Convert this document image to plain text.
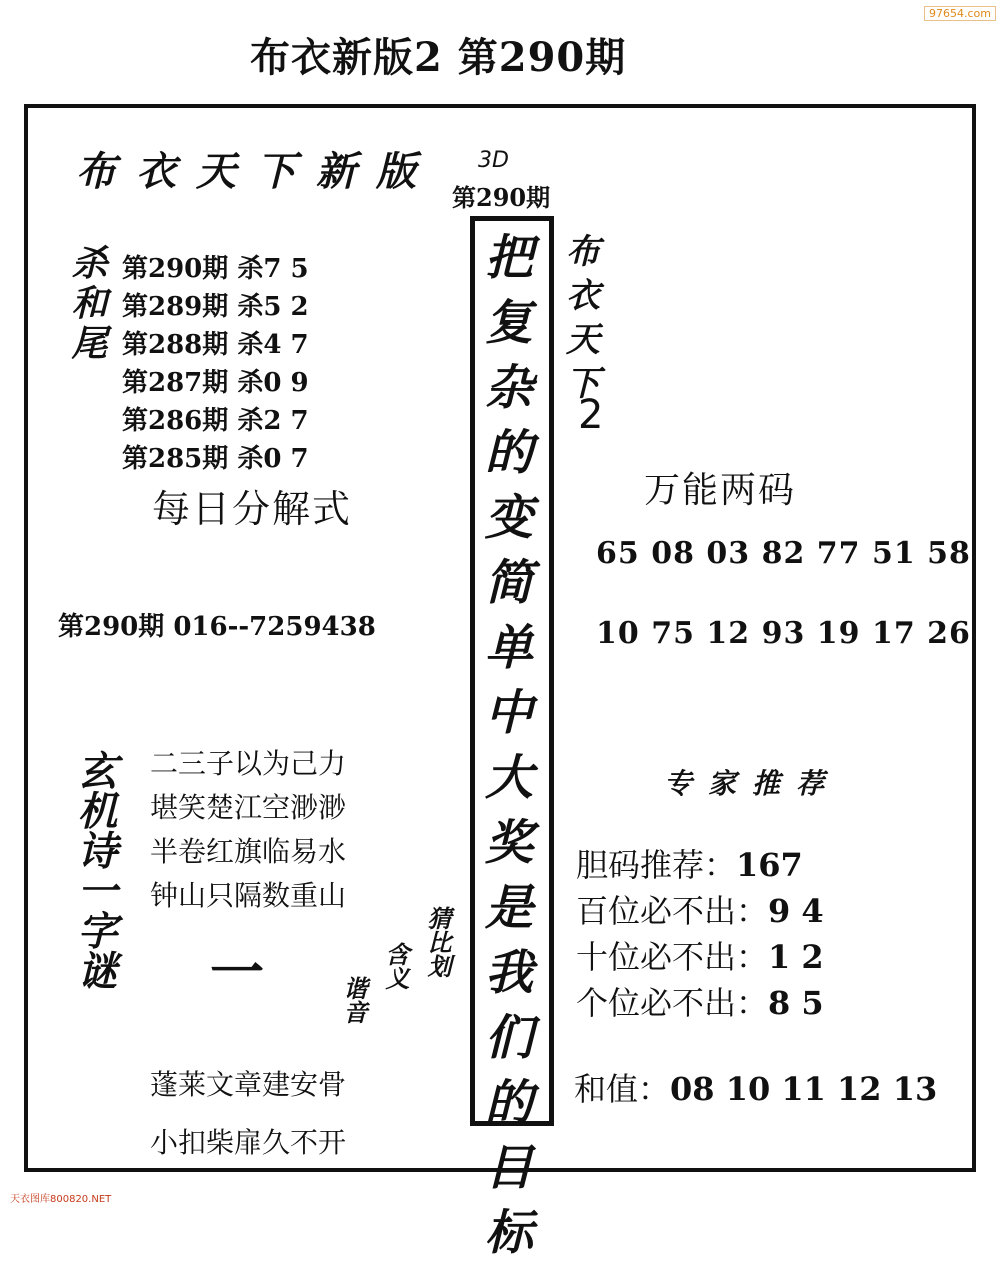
97654.com
布衣新版2 第290期
布衣天下新版 3D
第290期
杀和尾 第290期 杀7 5
第289期 杀5 2
第288期 杀4 7
第287期 杀0 9
第286期 杀2 7
第285期 杀0 7
每日分解式
第290期 016--7259438
把复杂的变简单中大奖是我们的目标
布衣天下
2
万能两码
65 08 03 82 77 51 58
10 75 12 93 19 17 26
玄机诗一字谜 二三子以为己力
堪笑楚江空渺渺
半卷红旗临易水
钟山只隔数重山
一	谐音
含义 猜比划
蓬莱文章建安骨
小扣柴扉久不开
专家推荐
胆码推荐：167
百位必不出：9 4
十位必不出：1 2
个位必不出：8 5
和值：08 10 11 12 13
天衣图库800820.NET
